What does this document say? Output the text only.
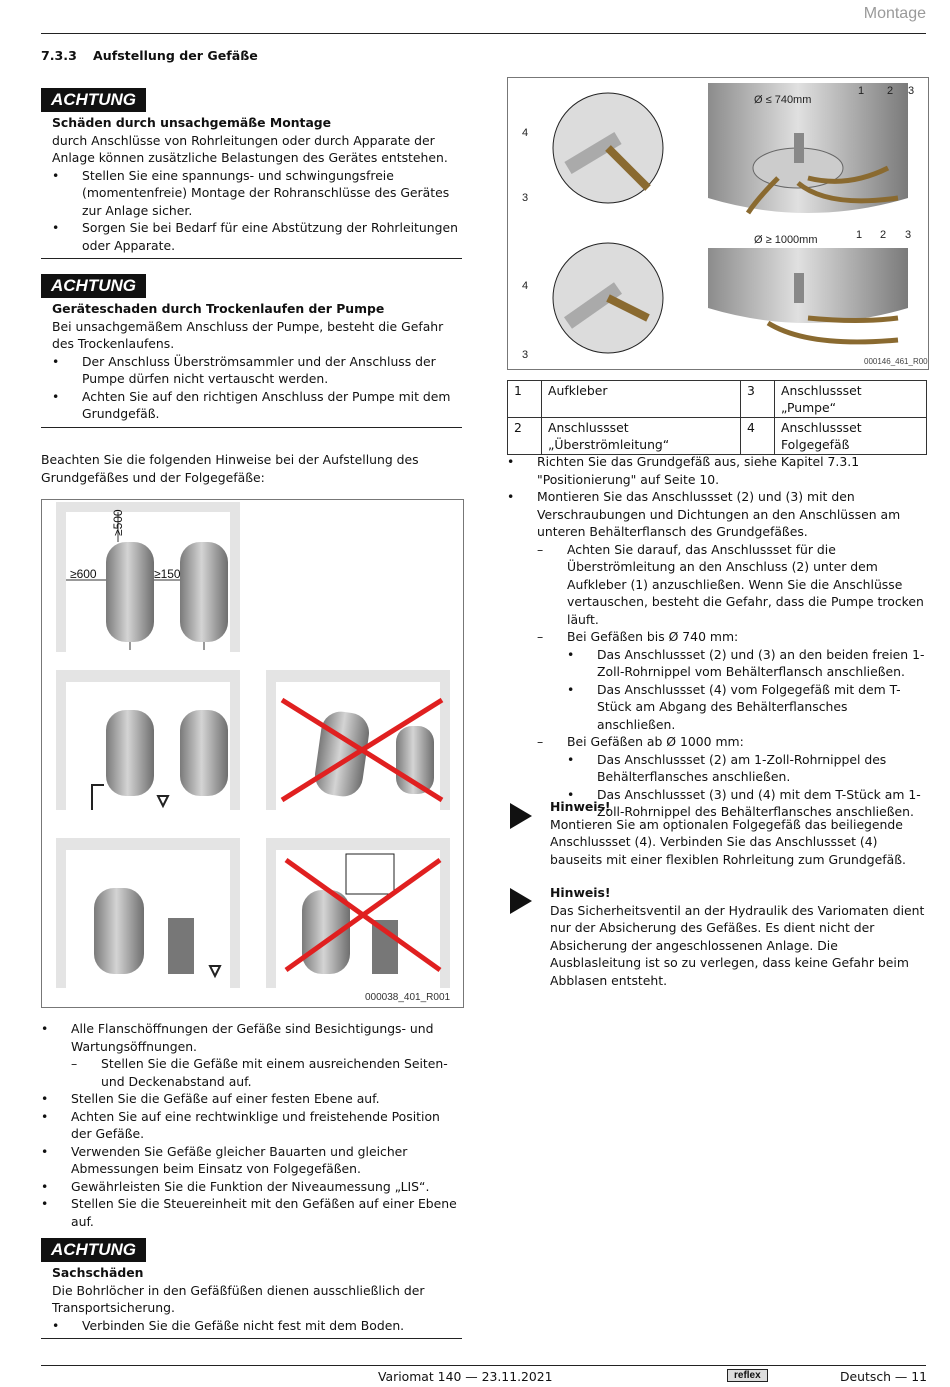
Montage
7.3.3 Aufstellung der Gefäße
ACHTUNG
Schäden durch unsachgemäße Montage
durch Anschlüsse von Rohrleitungen oder durch Apparate der Anlage können zusätzliche Belastungen des Gerätes entstehen.
• Stellen Sie eine spannungs- und schwingungsfreie (momentenfreie) Montage der Rohranschlüsse des Gerätes zur Anlage sicher.
• Sorgen Sie bei Bedarf für eine Abstützung der Rohrleitungen oder Apparate.
ACHTUNG
Geräteschaden durch Trockenlaufen der Pumpe
Bei unsachgemäßem Anschluss der Pumpe, besteht die Gefahr des Trockenlaufens.
• Der Anschluss Überströmsammler und der Anschluss der Pumpe dürfen nicht vertauscht werden.
• Achten Sie auf den richtigen Anschluss der Pumpe mit dem Grundgefäß.
Beachten Sie die folgenden Hinweise bei der Aufstellung des Grundgefäßes und der Folgegefäße:
≥500
≥600	≥150
000038_401_R001
• Alle Flanschöffnungen der Gefäße sind Besichtigungs- und Wartungsöffnungen.
– Stellen Sie die Gefäße mit einem ausreichenden Seiten- und Deckenabstand auf.
• Stellen Sie die Gefäße auf einer festen Ebene auf.
• Achten Sie auf eine rechtwinklige und freistehende Position der Gefäße.
• Verwenden Sie Gefäße gleicher Bauarten und gleicher Abmessungen beim Einsatz von Folgegefäßen.
• Gewährleisten Sie die Funktion der Niveaumessung „LIS“.
• Stellen Sie die Steuereinheit mit den Gefäßen auf einer Ebene auf.
ACHTUNG
Sachschäden
Die Bohrlöcher in den Gefäßfüßen dienen ausschließlich der Transportsicherung.
• Verbinden Sie die Gefäße nicht fest mit dem Boden.
Ø ≤ 740mm
1 2 3
4
3
Ø ≥ 1000mm	1 2 3
4
3
000146_461_R001
1	Aufkleber	3	Anschlussset „Pumpe“
2	Anschlussset „Überströmleitung“	4	Anschlussset Folgegefäß
• Richten Sie das Grundgefäß aus, siehe Kapitel 7.3.1 "Positionierung" auf Seite 10.
• Montieren Sie das Anschlussset (2) und (3) mit den Verschraubungen und Dichtungen an den Anschlüssen am unteren Behälterflansch des Grundgefäßes.
– Achten Sie darauf, das Anschlussset für die Überströmleitung an den Anschluss (2) unter dem Aufkleber (1) anzuschließen. Wenn Sie die Anschlüsse vertauschen, besteht die Gefahr, dass die Pumpe trocken läuft.
– Bei Gefäßen bis Ø 740 mm:
• Das Anschlussset (2) und (3) an den beiden freien 1-Zoll-Rohrnippel vom Behälterflansch anschließen.
• Das Anschlussset (4) vom Folgegefäß mit dem T-Stück am Abgang des Behälterflansches anschließen.
– Bei Gefäßen ab Ø 1000 mm:
• Das Anschlussset (2) am 1-Zoll-Rohrnippel des Behälterflansches anschließen.
• Das Anschlussset (3) und (4) mit dem T-Stück am 1-Zoll-Rohrnippel des Behälterflansches anschließen.
Hinweis!
Montieren Sie am optionalen Folgegefäß das beiliegende Anschlussset (4). Verbinden Sie das Anschlussset (4) bauseits mit einer flexiblen Rohrleitung zum Grundgefäß.
Hinweis!
Das Sicherheitsventil an der Hydraulik des Variomaten dient nur der Absicherung des Gefäßes. Es dient nicht der Absicherung der angeschlossenen Anlage. Die Ausblasleitung ist so zu verlegen, dass keine Gefahr beim Abblasen entsteht.
Variomat 140 — 23.11.2021	reflex	Deutsch — 11
